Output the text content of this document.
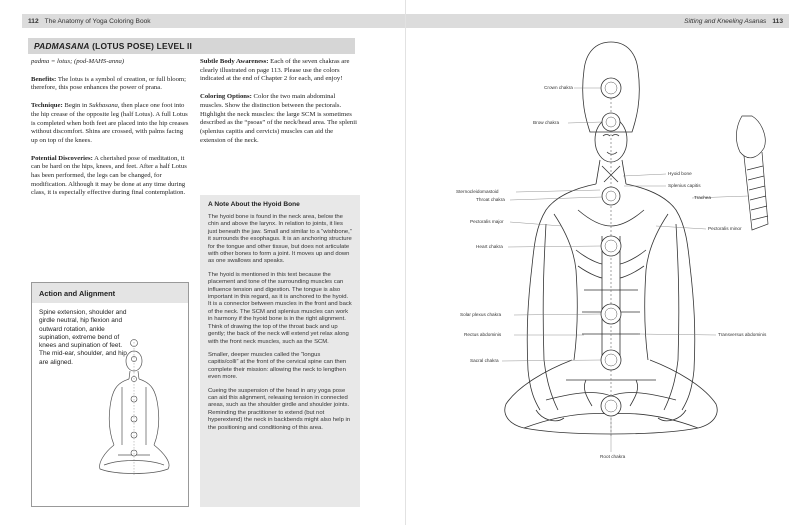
112 The Anatomy of Yoga Coloring Book
PADMASANA
(LOTUS POSE) LEVEL II

padma = lotus; (pod-MAHS-anna)

Benefits: The lotus is a symbol of creation, or full bloom; therefore, this pose enhances the power of prana.

Technique: Begin in Sukhasana, then place one foot into the hip crease of the opposite leg (half Lotus). A full Lotus is completed when both feet are placed into the hip creases without discomfort. Shins are crossed, with palms facing up on top of the knees.

Potential Discoveries: A cherished pose of meditation, it can be hard on the hips, knees, and feet. After a half Lotus has been performed, the legs can be changed, for modification. Although it may be done at any time during class, it is especially effective during final contemplation.

Subtle Body Awareness: Each of the seven chakras are clearly illustrated on page 113. Please use the colors indicated at the end of Chapter 2 for each, and enjoy!

Coloring Options: Color the two main abdominal muscles. Show the distinction between the pectorals. Highlight the neck muscles: the large SCM is sometimes described as the “psoas” of the neck/head area. The splenii (splenius capitis and cervicis) muscles can aid the extension of the neck.

Action and Alignment
Spine extension, shoulder and girdle neutral, hip flexion and outward rotation, ankle supination, extreme bend of knees and supination of feet. The mid-ear, shoulder, and hip are aligned.
A Note About the Hyoid Bone

The hyoid bone is found in the neck area, below the chin and above the larynx. In relation to joints, it lies just beneath the jaw. Small and similar to a “wishbone,” it surrounds the esophagus. It is an anchoring structure for the tongue and other tissue, but does not articulate with other bones to form a joint. It moves up and down as one swallows and speaks.

The hyoid is mentioned in this text because the placement and tone of the surrounding muscles can influence tension and digestion. The tongue is also important in this regard, as it is anchored to the hyoid. It is a connector between muscles in the front and back of the neck. The SCM and splenius muscles can work in harmony if the hyoid bone is in the right alignment. Think of drawing the top of the throat back and up gently; the back of the neck will extend yet relax along with the front neck muscles, such as the SCM.

Smaller, deeper muscles called the “longus capitis/colli” at the front of the cervical spine can then complete their mission: allowing the neck to lengthen even more.

Cueing the suspension of the head in any yoga pose can aid this alignment, releasing tension in connected areas, such as the shoulder girdle and shoulder joints. Reminding the practitioner to extend (but not hyperextend) the neck in backbends might also help in the positioning and conditioning of this area.

Sitting and Kneeling Asanas 113
Crown chakra
Brow chakra
Hyoid bone
Splenius capitis
Trachea
Sternocleidomastoid
Throat chakra
Pectoralis major
Pectoralis minor
Heart chakra
Solar plexus chakra
Rectus abdominis	Transversus abdominis
Sacral chakra
Root chakra
